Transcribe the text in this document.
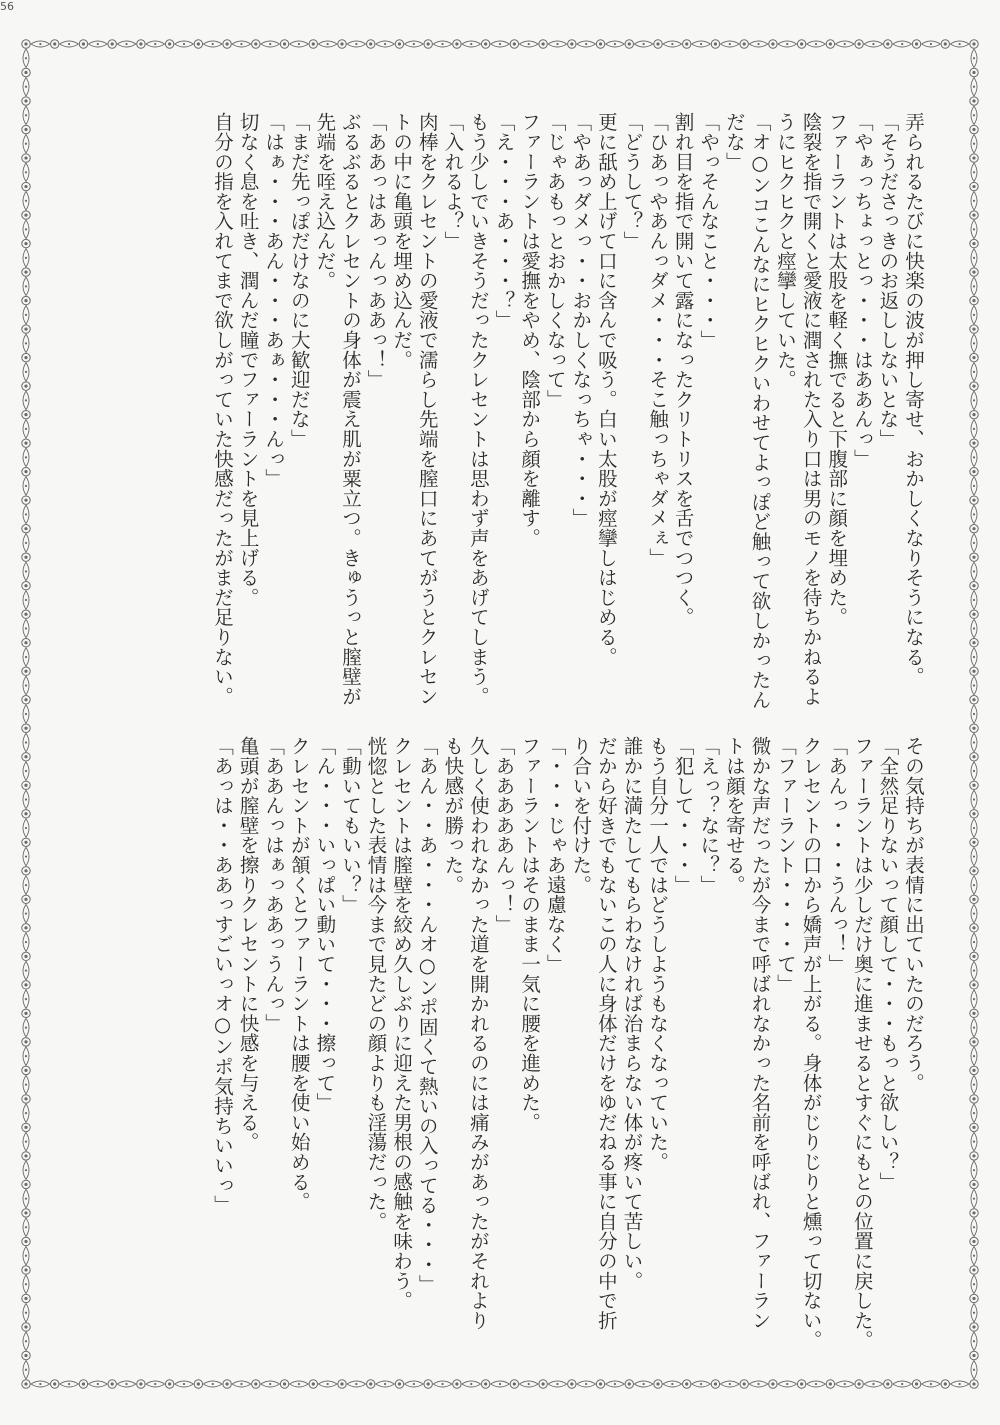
56
弄られるたびに快楽の波が押し寄せ、おかしくなりそうになる。
「そうださっきのお返ししないとな」
「やぁっちょっとっ・・・はああんっ」
ファーラントは太股を軽く撫でると下腹部に顔を埋めた。
陰裂を指で開くと愛液に潤された入り口は男のモノを待ちかねるよ
うにヒクヒクと痙攣していた。
「オ○ンコこんなにヒクヒクいわせてよっぽど触って欲しかったん
だな」
「やっそんなこと・・・」
割れ目を指で開いて露になったクリトリスを舌でつつく。
「ひあっやあんっダメ・・・そこ触っちゃダメぇ」
「どうして？」
更に舐め上げて口に含んで吸う。白い太股が痙攣しはじめる。
「やあっダメっ・・おかしくなっちゃ・・・」
「じゃあもっとおかしくなって」
ファーラントは愛撫をやめ、陰部から顔を離す。
「え・・・あ・・・？」
もう少しでいきそうだったクレセントは思わず声をあげてしまう。
「入れるよ？」
肉棒をクレセントの愛液で濡らし先端を膣口にあてがうとクレセン
トの中に亀頭を埋め込んだ。
「ああっはあっんっああっ！」
ぶるぶるとクレセントの身体が震え肌が粟立つ。きゅうっと膣壁が
先端を咥え込んだ。
「まだ先っぽだけなのに大歓迎だな」
「はぁ・・・あん・・・あぁ・・・んっ」
切なく息を吐き、潤んだ瞳でファーラントを見上げる。
自分の指を入れてまで欲しがっていた快感だったがまだ足りない。
その気持ちが表情に出ていたのだろう。
「全然足りないって顔して・・・もっと欲しい？」
ファーラントは少しだけ奥に進ませるとすぐにもとの位置に戻した。
「あんっ・・・うんっ！」
クレセントの口から嬌声が上がる。身体がじりじりと燻って切ない。
「ファーラント・・・・て」
微かな声だったが今まで呼ばれなかった名前を呼ばれ、ファーラン
トは顔を寄せる。
「えっ？なに？」
「犯して・・・」
もう自分一人ではどうしようもなくなっていた。
誰かに満たしてもらわなければ治まらない体が疼いて苦しい。
だから好きでもないこの人に身体だけをゆだねる事に自分の中で折
り合いを付けた。
「・・・じゃあ遠慮なく」
ファーラントはそのまま一気に腰を進めた。
「あああああんっ！」
久しく使われなかった道を開かれるのには痛みがあったがそれより
も快感が勝った。
「あん・・あ・・・んオ○ンポ固くて熱いの入ってる・・・」
クレセントは膣壁を絞め久しぶりに迎えた男根の感触を味わう。
恍惚とした表情は今まで見たどの顔よりも淫蕩だった。
「動いてもいい？」
「ん・・・いっぱい動いて・・・擦って」
クレセントが頷くとファーラントは腰を使い始める。
「ああんっはぁっああっうんっ」
亀頭が膣壁を擦りクレセントに快感を与える。
「あっは・・ああっすごいっオ○ンポ気持ちいいっ」
